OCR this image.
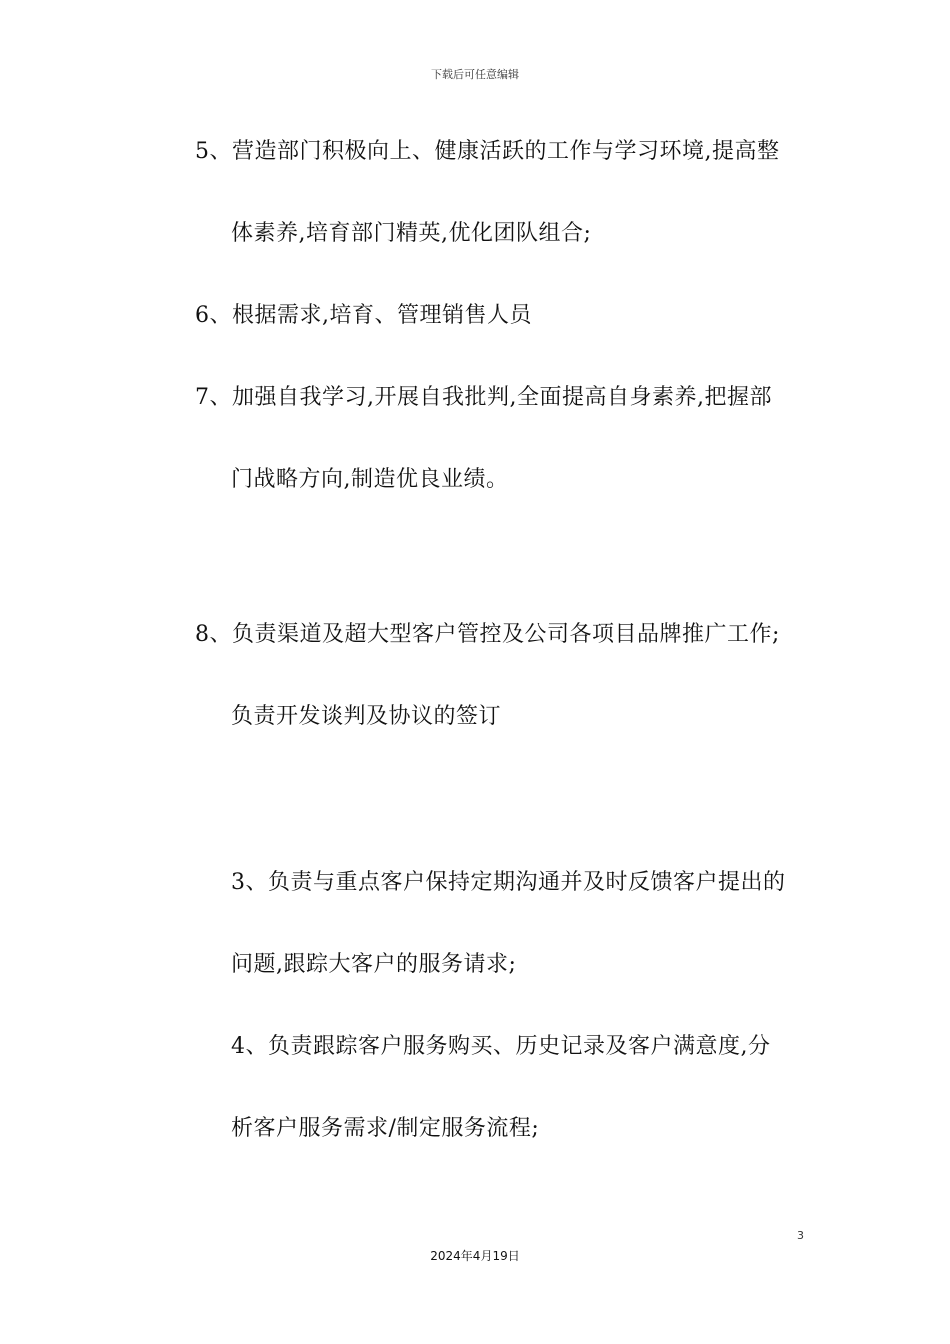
下载后可任意编辑
5、营造部门积极向上、健康活跃的工作与学习环境,提高整
体素养,培育部门精英,优化团队组合;
6、根据需求,培育、管理销售人员
7、加强自我学习,开展自我批判,全面提高自身素养,把握部
门战略方向,制造优良业绩。
8、负责渠道及超大型客户管控及公司各项目品牌推广工作;
负责开发谈判及协议的签订
3、负责与重点客户保持定期沟通并及时反馈客户提出的
问题,跟踪大客户的服务请求;
4、负责跟踪客户服务购买、历史记录及客户满意度,分
析客户服务需求/制定服务流程;
3
2024年4月19日
